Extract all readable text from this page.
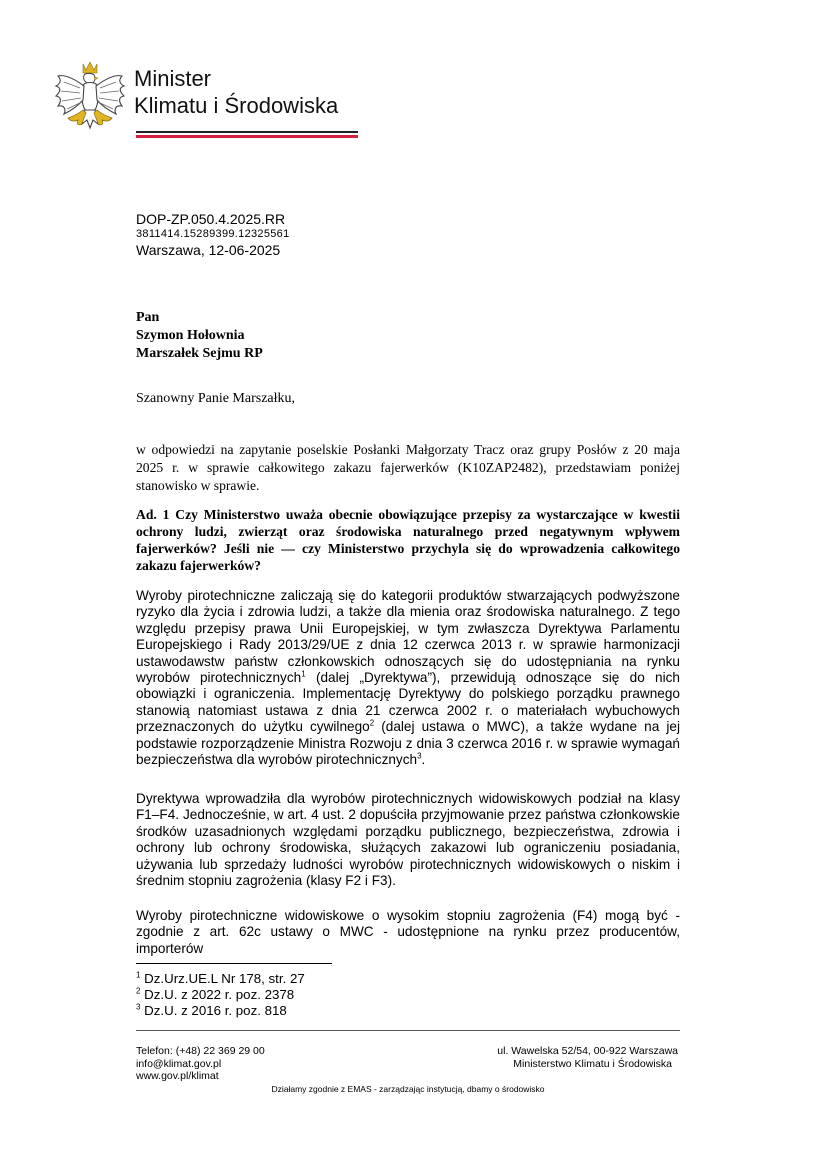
Minister
Klimatu i Środowiska
DOP-ZP.050.4.2025.RR
3811414.15289399.12325561
Warszawa, 12-06-2025
Pan
Szymon Hołownia
Marszałek Sejmu RP
Szanowny Panie Marszałku,
w odpowiedzi na zapytanie poselskie Posłanki Małgorzaty Tracz oraz grupy Posłów z 20 maja 2025 r. w sprawie całkowitego zakazu fajerwerków (K10ZAP2482), przedstawiam poniżej stanowisko w sprawie.
Ad. 1 Czy Ministerstwo uważa obecnie obowiązujące przepisy za wystarczające w kwestii ochrony ludzi, zwierząt oraz środowiska naturalnego przed negatywnym wpływem fajerwerków? Jeśli nie — czy Ministerstwo przychyla się do wprowadzenia całkowitego zakazu fajerwerków?
Wyroby pirotechniczne zaliczają się do kategorii produktów stwarzających podwyższone ryzyko dla życia i zdrowia ludzi, a także dla mienia oraz środowiska naturalnego. Z tego względu przepisy prawa Unii Europejskiej, w tym zwłaszcza Dyrektywa Parlamentu Europejskiego i Rady 2013/29/UE z dnia 12 czerwca 2013 r. w sprawie harmonizacji ustawodawstw państw członkowskich odnoszących się do udostępniania na rynku wyrobów pirotechnicznych$^1$ (dalej „Dyrektywa”), przewidują odnoszące się do nich obowiązki i ograniczenia. Implementację Dyrektywy do polskiego porządku prawnego stanowią natomiast ustawa z dnia 21 czerwca 2002 r. o materiałach wybuchowych przeznaczonych do użytku cywilnego$^2$ (dalej ustawa o MWC), a także wydane na jej podstawie rozporządzenie Ministra Rozwoju z dnia 3 czerwca 2016 r. w sprawie wymagań bezpieczeństwa dla wyrobów pirotechnicznych$^3$.
Dyrektywa wprowadziła dla wyrobów pirotechnicznych widowiskowych podział na klasy F1–F4. Jednocześnie, w art. 4 ust. 2 dopuściła przyjmowanie przez państwa członkowskie środków uzasadnionych względami porządku publicznego, bezpieczeństwa, zdrowia i ochrony lub ochrony środowiska, służących zakazowi lub ograniczeniu posiadania, używania lub sprzedaży ludności wyrobów pirotechnicznych widowiskowych o niskim i średnim stopniu zagrożenia (klasy F2 i F3).
Wyroby pirotechniczne widowiskowe o wysokim stopniu zagrożenia (F4) mogą być - zgodnie z art. 62c ustawy o MWC - udostępnione na rynku przez producentów, importerów
$^1$ Dz.Urz.UE.L Nr 178, str. 27
$^2$ Dz.U. z 2022 r. poz. 2378
$^3$ Dz.U. z 2016 r. poz. 818
Telefon: (+48) 22 369 29 00
info@klimat.gov.pl
www.gov.pl/klimat
ul. Wawelska 52/54, 00-922 Warszawa
Ministerstwo Klimatu i Środowiska
Działamy zgodnie z EMAS - zarządzając instytucją, dbamy o środowisko
